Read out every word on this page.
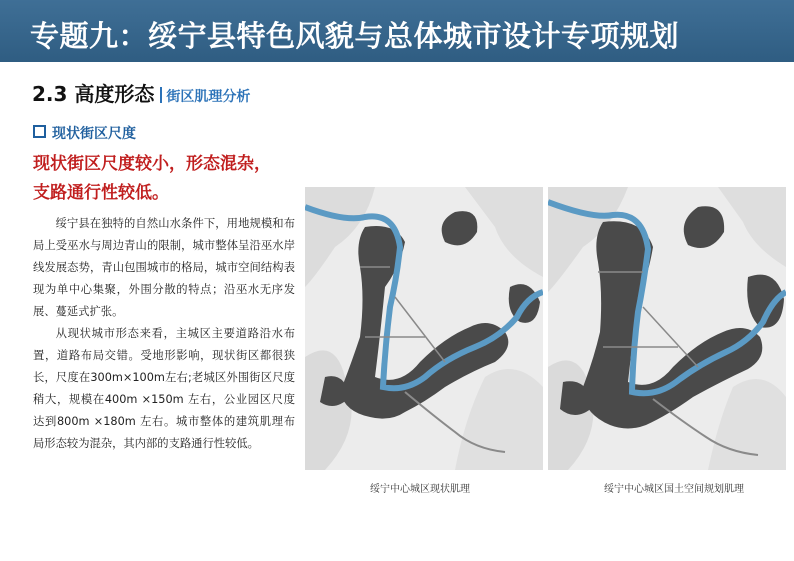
专题九：绥宁县特色风貌与总体城市设计专项规划
2.3 高度形态 街区肌理分析
现状街区尺度
现状街区尺度较小，形态混杂，
支路通行性较低。

绥宁县在独特的自然山水条件下，用地规模和布局上受巫水与周边青山的限制，城市整体呈沿巫水岸线发展态势，青山包围城市的格局，城市空间结构表现为单中心集聚，外围分散的特点；沿巫水无序发展、蔓延式扩张。

从现状城市形态来看，主城区主要道路沿水布置，道路布局交错。受地形影响，现状街区都很狭长，尺度在300m×100m左右;老城区外围街区尺度稍大，规模在400m ×150m 左右，公业园区尺度达到800m ×180m 左右。城市整体的建筑肌理布局形态较为混杂，其内部的支路通行性较低。

绥宁中心城区现状肌理	绥宁中心城区国土空间规划肌理
